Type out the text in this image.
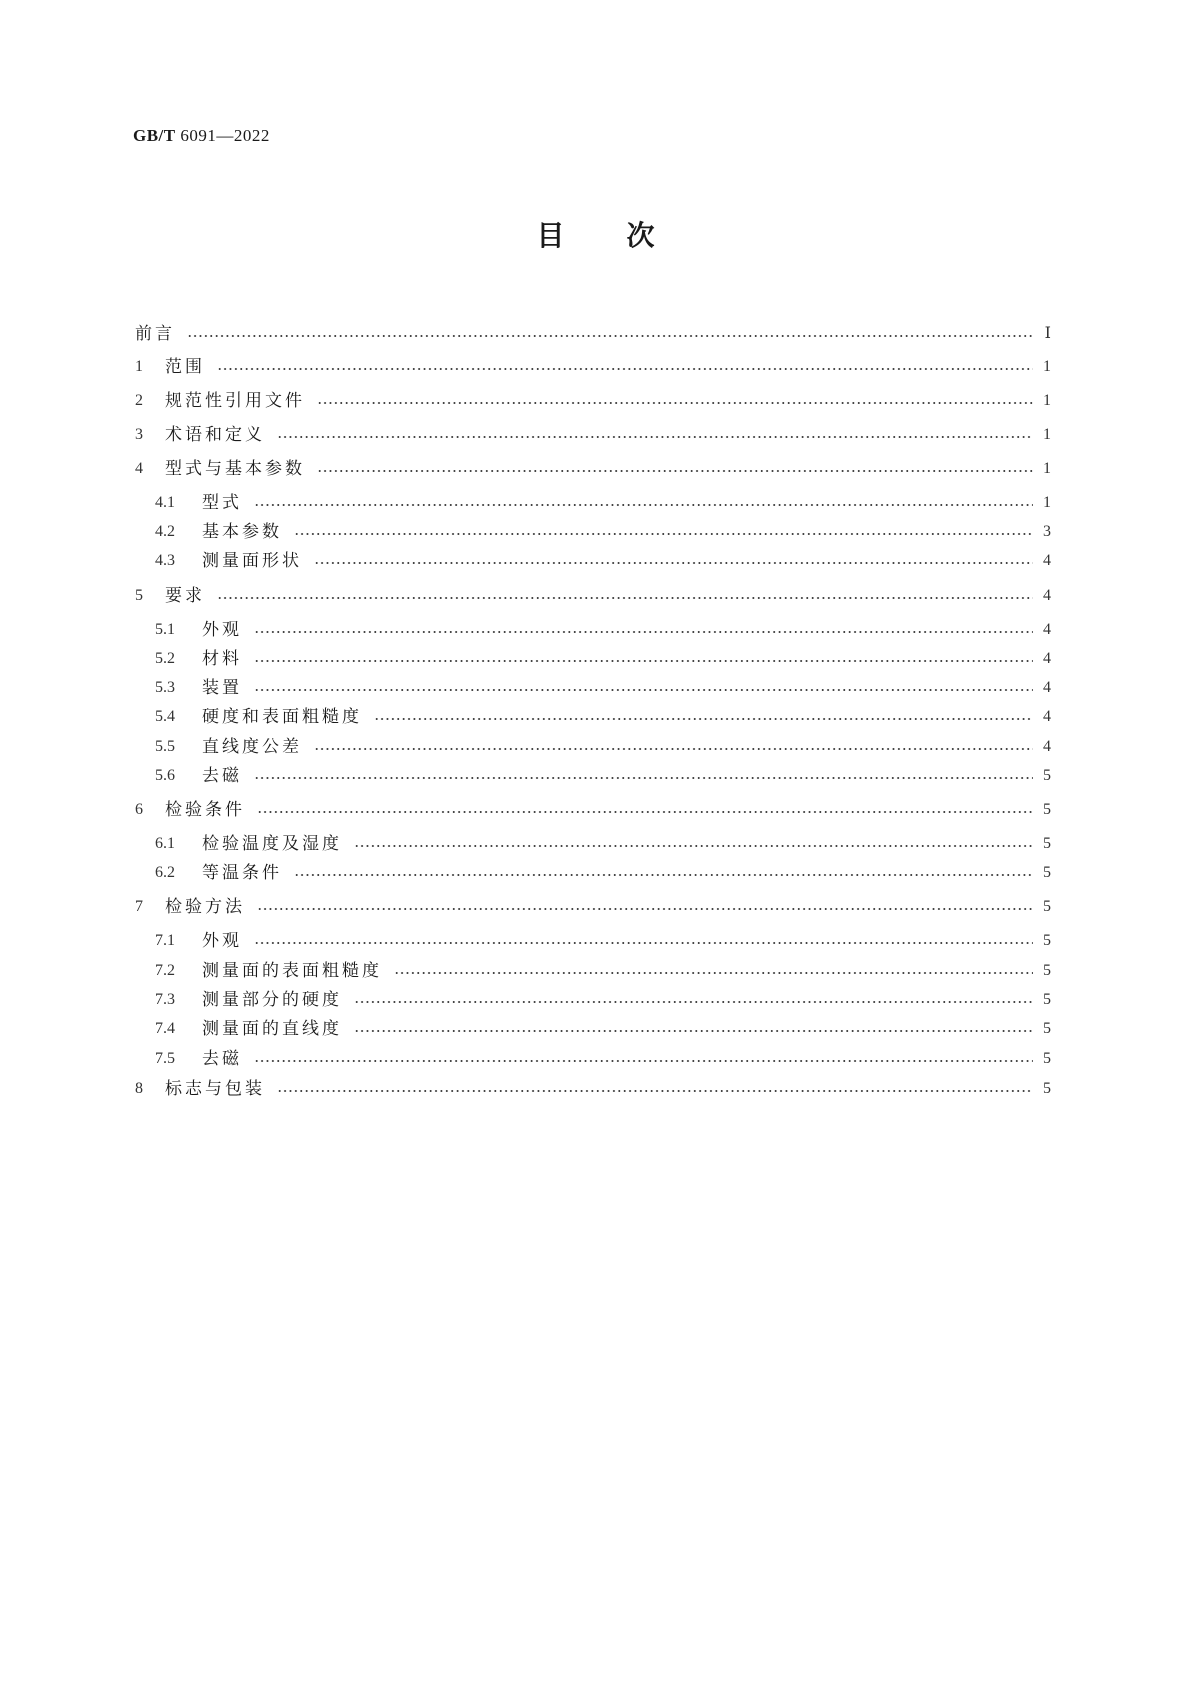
GB/T 6091—2022
目次
前言	Ⅰ
1	范围	1
2	规范性引用文件	1
3	术语和定义	1
4	型式与基本参数	1
4.1	型式	1
4.2	基本参数	3
4.3	测量面形状	4
5	要求	4
5.1	外观	4
5.2	材料	4
5.3	装置	4
5.4	硬度和表面粗糙度	4
5.5	直线度公差	4
5.6	去磁	5
6	检验条件	5
6.1	检验温度及湿度	5
6.2	等温条件	5
7	检验方法	5
7.1	外观	5
7.2	测量面的表面粗糙度	5
7.3	测量部分的硬度	5
7.4	测量面的直线度	5
7.5	去磁	5
8	标志与包装	5
